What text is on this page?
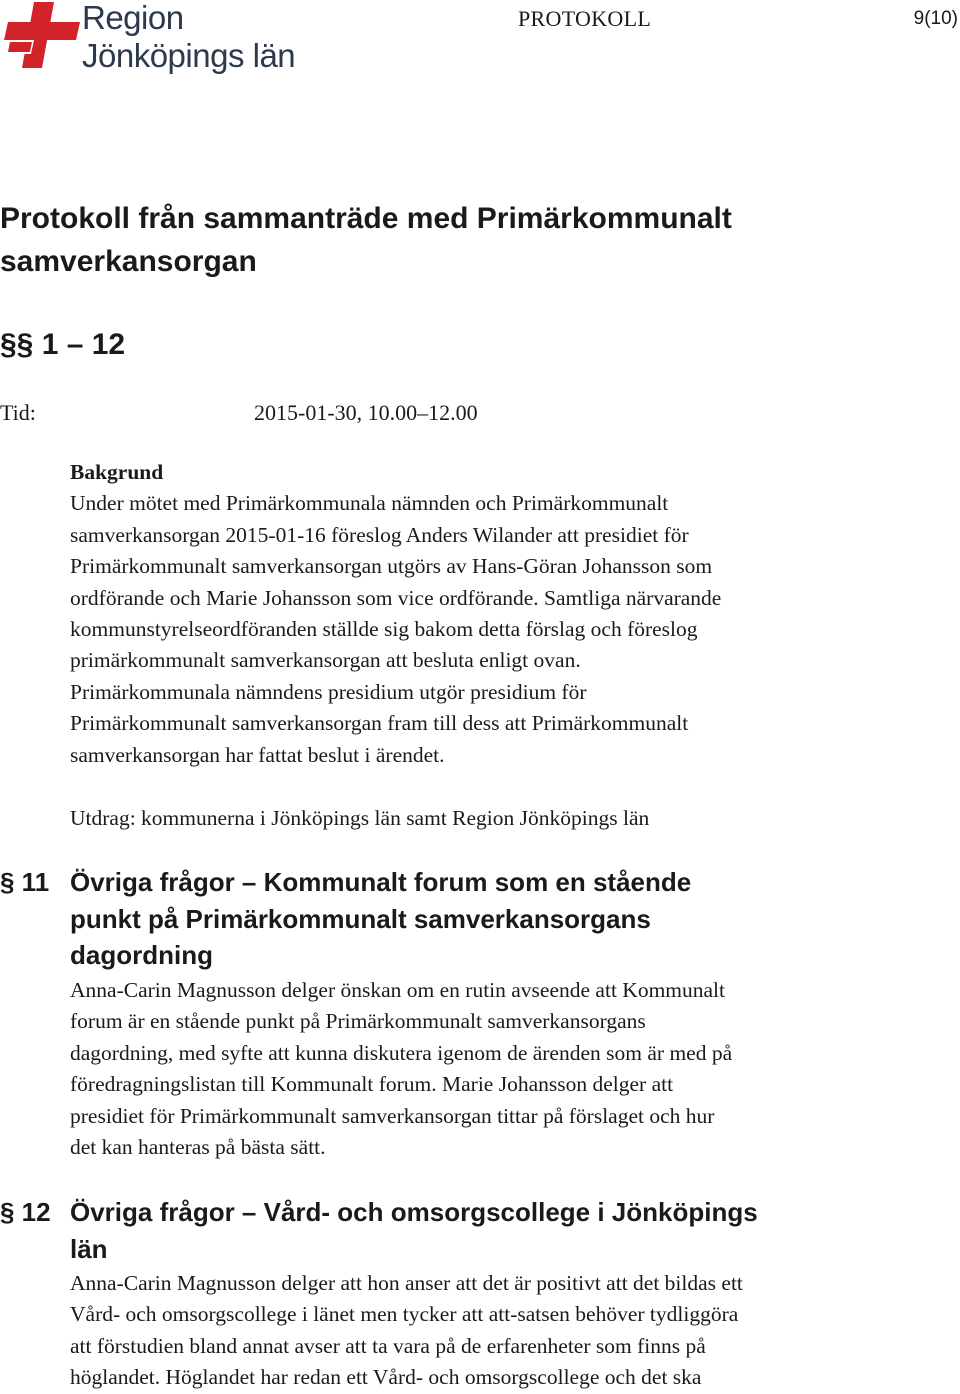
Region
Jönköpings län
PROTOKOLL	9(10)
Protokoll från sammanträde med Primärkommunalt samverkansorgan
§§ 1 – 12
Tid:	2015-01-30, 10.00–12.00
Bakgrund
Under mötet med Primärkommunala nämnden och Primärkommunalt
samverkansorgan 2015-01-16 föreslog Anders Wilander att presidiet för
Primärkommunalt samverkansorgan utgörs av Hans-Göran Johansson som
ordförande och Marie Johansson som vice ordförande. Samtliga närvarande
kommunstyrelseordföranden ställde sig bakom detta förslag och föreslog
primärkommunalt samverkansorgan att besluta enligt ovan.
Primärkommunala nämndens presidium utgör presidium för
Primärkommunalt samverkansorgan fram till dess att Primärkommunalt
samverkansorgan har fattat beslut i ärendet.
Utdrag: kommunerna i Jönköpings län samt Region Jönköpings län
§ 11 Övriga frågor – Kommunalt forum som en stående
punkt på Primärkommunalt samverkansorgans
dagordning
Anna-Carin Magnusson delger önskan om en rutin avseende att Kommunalt
forum är en stående punkt på Primärkommunalt samverkansorgans
dagordning, med syfte att kunna diskutera igenom de ärenden som är med på
föredragningslistan till Kommunalt forum. Marie Johansson delger att
presidiet för Primärkommunalt samverkansorgan tittar på förslaget och hur
det kan hanteras på bästa sätt.
§ 12 Övriga frågor – Vård- och omsorgscollege i Jönköpings
län
Anna-Carin Magnusson delger att hon anser att det är positivt att det bildas ett
Vård- och omsorgscollege i länet men tycker att att-satsen behöver tydliggöra
att förstudien bland annat avser att ta vara på de erfarenheter som finns på
höglandet. Höglandet har redan ett Vård- och omsorgscollege och det ska
